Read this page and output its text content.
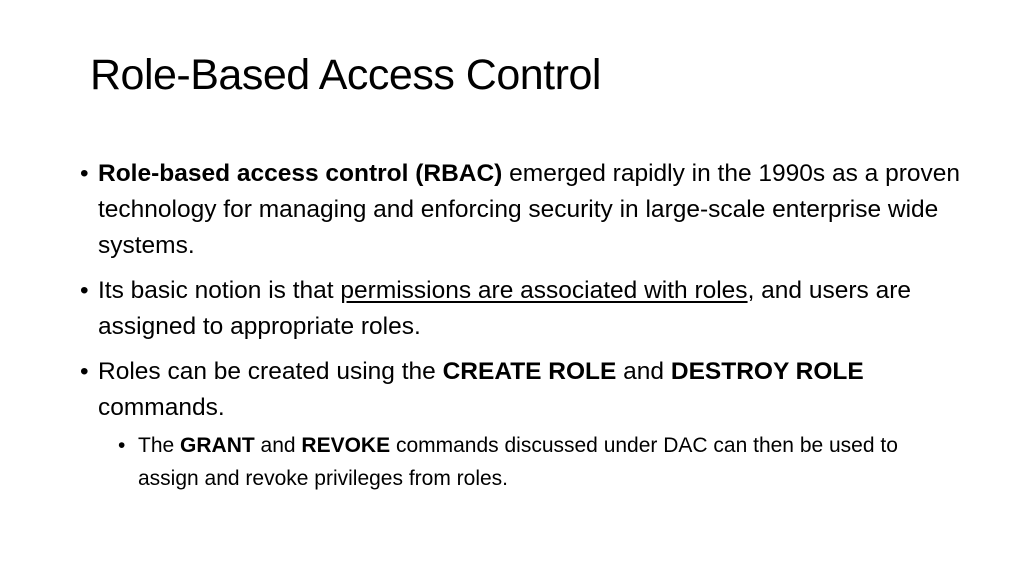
Role-Based Access Control
• Role-based access control (RBAC) emerged rapidly in the 1990s as a proven technology for managing and enforcing security in large-scale enterprise wide systems.
• Its basic notion is that permissions are associated with roles, and users are assigned to appropriate roles.
• Roles can be created using the CREATE ROLE and DESTROY ROLE commands.
• The GRANT and REVOKE commands discussed under DAC can then be used to assign and revoke privileges from roles.
